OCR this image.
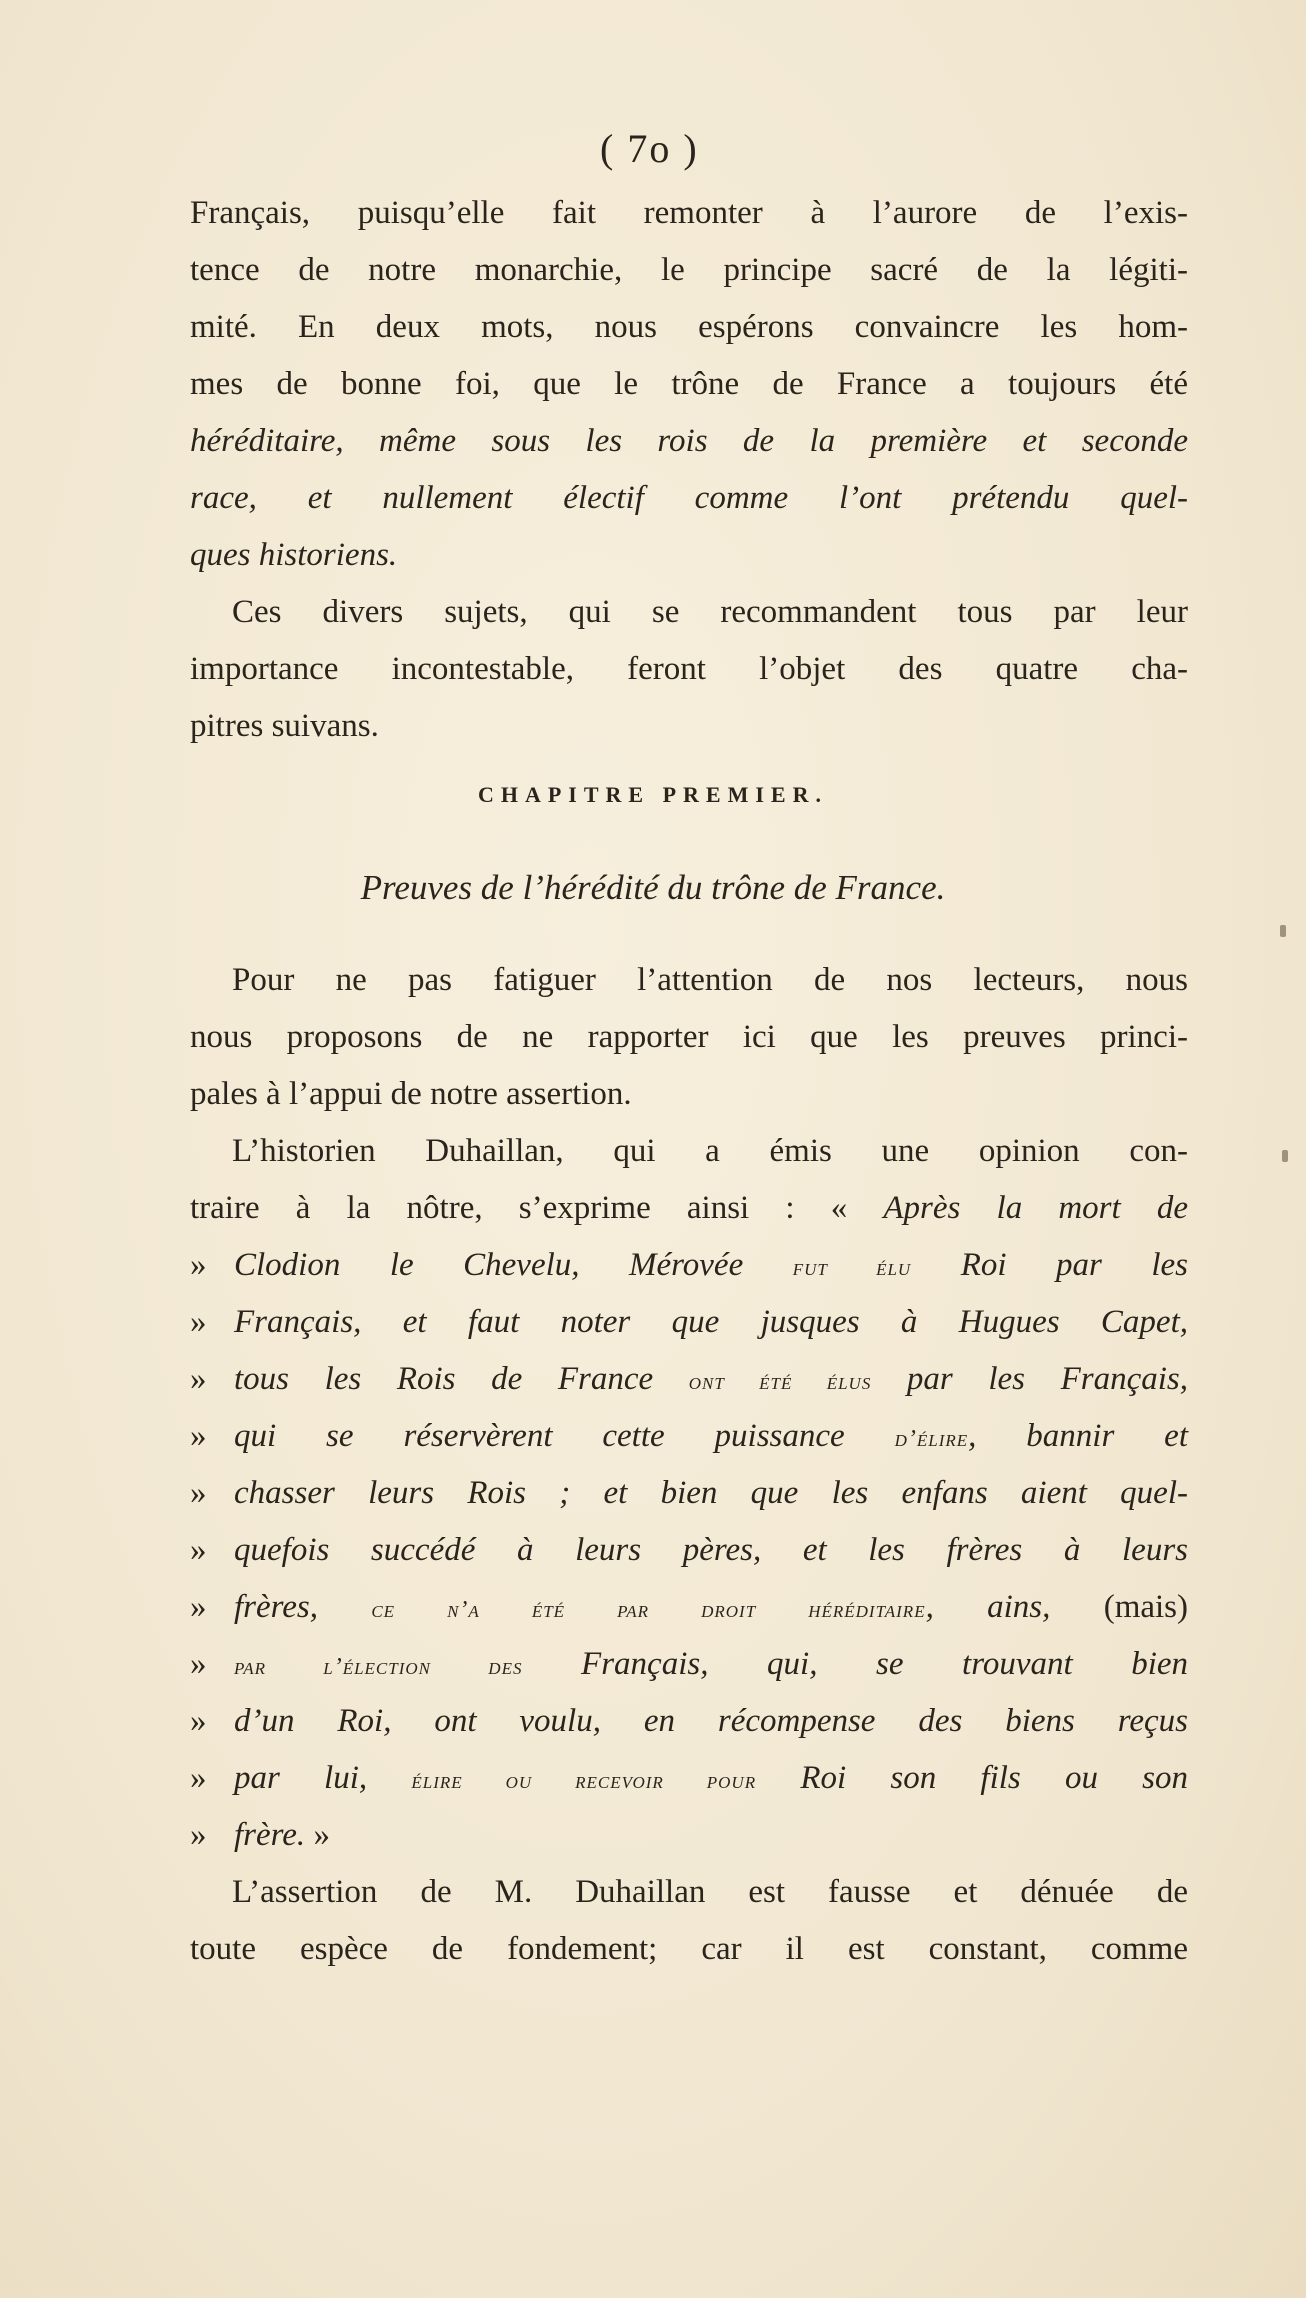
( 7o )
Français, puisqu’elle fait remonter à l’aurore de l’exis-
tence de notre monarchie, le principe sacré de la légiti-
mité. En deux mots, nous espérons convaincre les hom-
mes de bonne foi, que le trône de France a toujours été
héréditaire, même sous les rois de la première et seconde
race, et nullement électif comme l’ont prétendu quel-
ques historiens.
Ces divers sujets, qui se recommandent tous par leur
importance incontestable, feront l’objet des quatre cha-
pitres suivans.
CHAPITRE PREMIER.
Preuves de l’hérédité du trône de France.
Pour ne pas fatiguer l’attention de nos lecteurs, nous
nous proposons de ne rapporter ici que les preuves princi-
pales à l’appui de notre assertion.
L’historien Duhaillan, qui a émis une opinion con-
traire à la nôtre, s’exprime ainsi : « Après la mort de
» Clodion le Chevelu, Mérovée fut élu Roi par les
» Français, et faut noter que jusques à Hugues Capet,
» tous les Rois de France ont été élus par les Français,
» qui se réservèrent cette puissance d’élire, bannir et
» chasser leurs Rois ; et bien que les enfans aient quel-
» quefois succédé à leurs pères, et les frères à leurs
» frères, ce n’a été par droit héréditaire, ains, (mais)
» par l’élection des Français, qui, se trouvant bien
» d’un Roi, ont voulu, en récompense des biens reçus
» par lui, élire ou recevoir pour Roi son fils ou son
» frère. »
L’assertion de M. Duhaillan est fausse et dénuée de
toute espèce de fondement; car il est constant, comme
